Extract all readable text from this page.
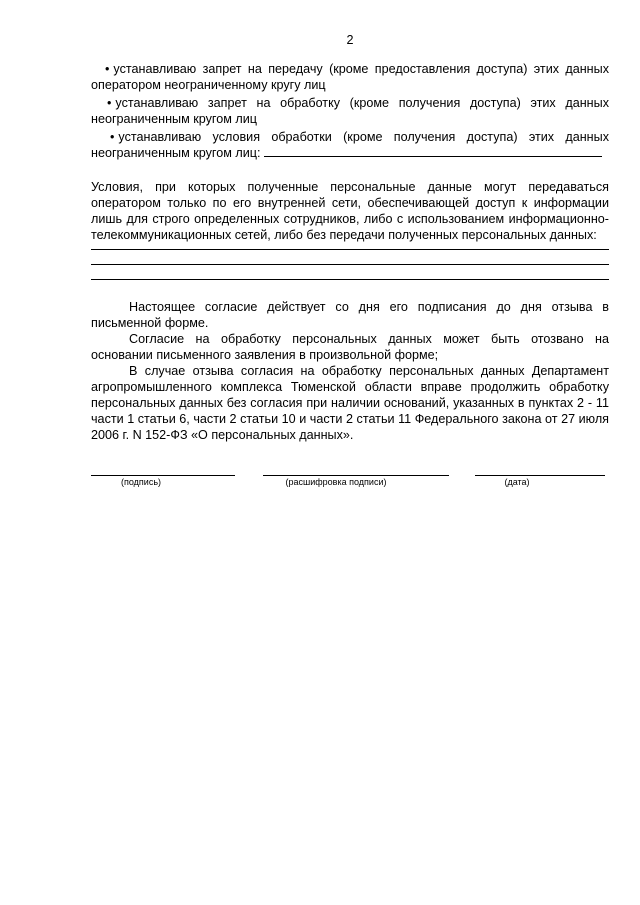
2
• устанавливаю запрет на передачу (кроме предоставления доступа) этих данных оператором неограниченному кругу лиц
• устанавливаю запрет на обработку (кроме получения доступа) этих данных неограниченным кругом лиц
• устанавливаю условия обработки (кроме получения доступа) этих данных неограниченным кругом лиц:
Условия, при которых полученные персональные данные могут передаваться оператором только по его внутренней сети, обеспечивающей доступ к информации лишь для строго определенных сотрудников, либо с использованием информационно-телекоммуникационных сетей, либо без передачи полученных персональных данных:

Настоящее согласие действует со дня его подписания до дня отзыва в письменной форме.

Согласие на обработку персональных данных может быть отозвано на основании письменного заявления в произвольной форме;

В случае отзыва согласия на обработку персональных данных Департамент агропромышленного комплекса Тюменской области вправе продолжить обработку персональных данных без согласия при наличии оснований, указанных в пунктах 2 - 11 части 1 статьи 6, части 2 статьи 10 и части 2 статьи 11 Федерального закона от 27 июля 2006 г. N 152-ФЗ «О персональных данных».

(подпись)	(расшифровка подписи)	(дата)
